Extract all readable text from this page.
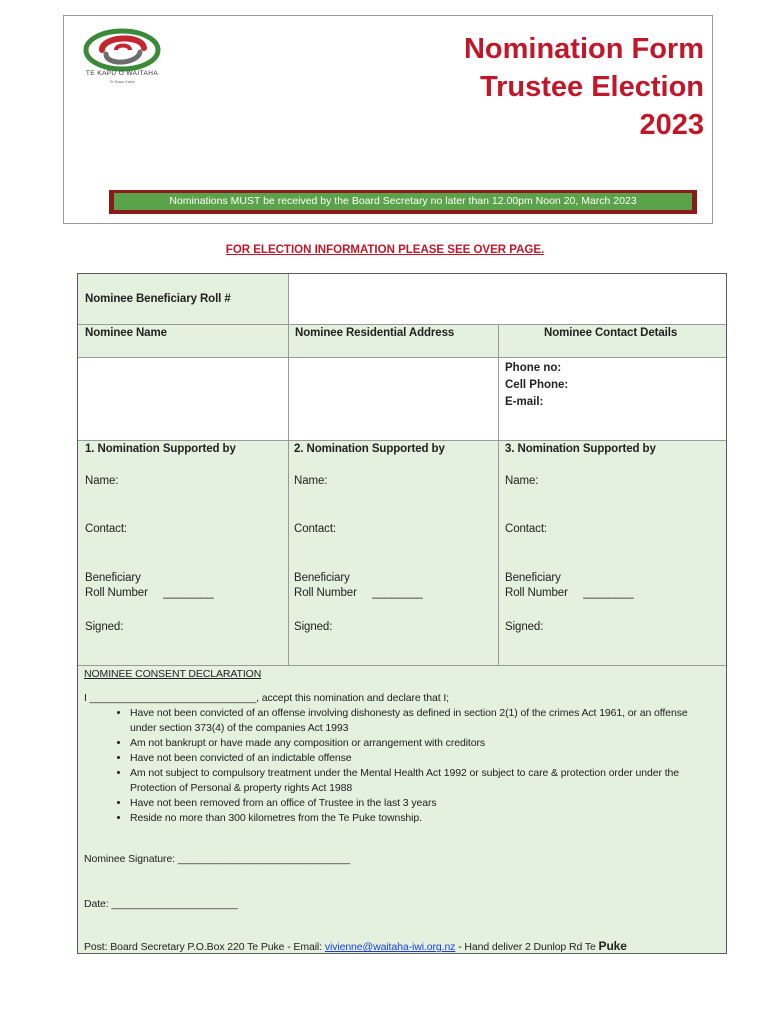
TE KAPU O WAITAHA
Te Kapu Kaha
Nomination Form
Trustee Election
2023
Nominations MUST be received by the Board Secretary no later than 12.00pm Noon 20, March 2023
FOR ELECTION INFORMATION PLEASE SEE OVER PAGE.
Nominee Beneficiary Roll #
Nominee Name	Nominee Residential Address	Nominee Contact Details
Phone no:
Cell Phone:
E-mail:
1. Nomination Supported by
Name:
Contact:
Beneficiary
Roll Number     ________
Signed:
2. Nomination Supported by
Name:
Contact:
Beneficiary
Roll Number     ________
Signed:
3. Nomination Supported by
Name:
Contact:
Beneficiary
Roll Number     ________
Signed:
NOMINEE CONSENT DECLARATION
I _____________________________, accept this nomination and declare that I;
• Have not been convicted of an offense involving dishonesty as defined in section 2(1) of the crimes Act 1961, or an offense under section 373(4) of the companies Act 1993
• Am not bankrupt or have made any composition or arrangement with creditors
• Have not been convicted of an indictable offense
• Am not subject to compulsory treatment under the Mental Health Act 1992 or subject to care & protection order under the Protection of Personal & property rights Act 1988
• Have not been removed from an office of Trustee in the last 3 years
• Reside no more than 300 kilometres from the Te Puke township.
Nominee Signature: ______________________________
Date: ______________________
Post: Board Secretary P.O.Box 220 Te Puke - Email: vivienne@waitaha-iwi.org.nz - Hand deliver 2 Dunlop Rd Te Puke
